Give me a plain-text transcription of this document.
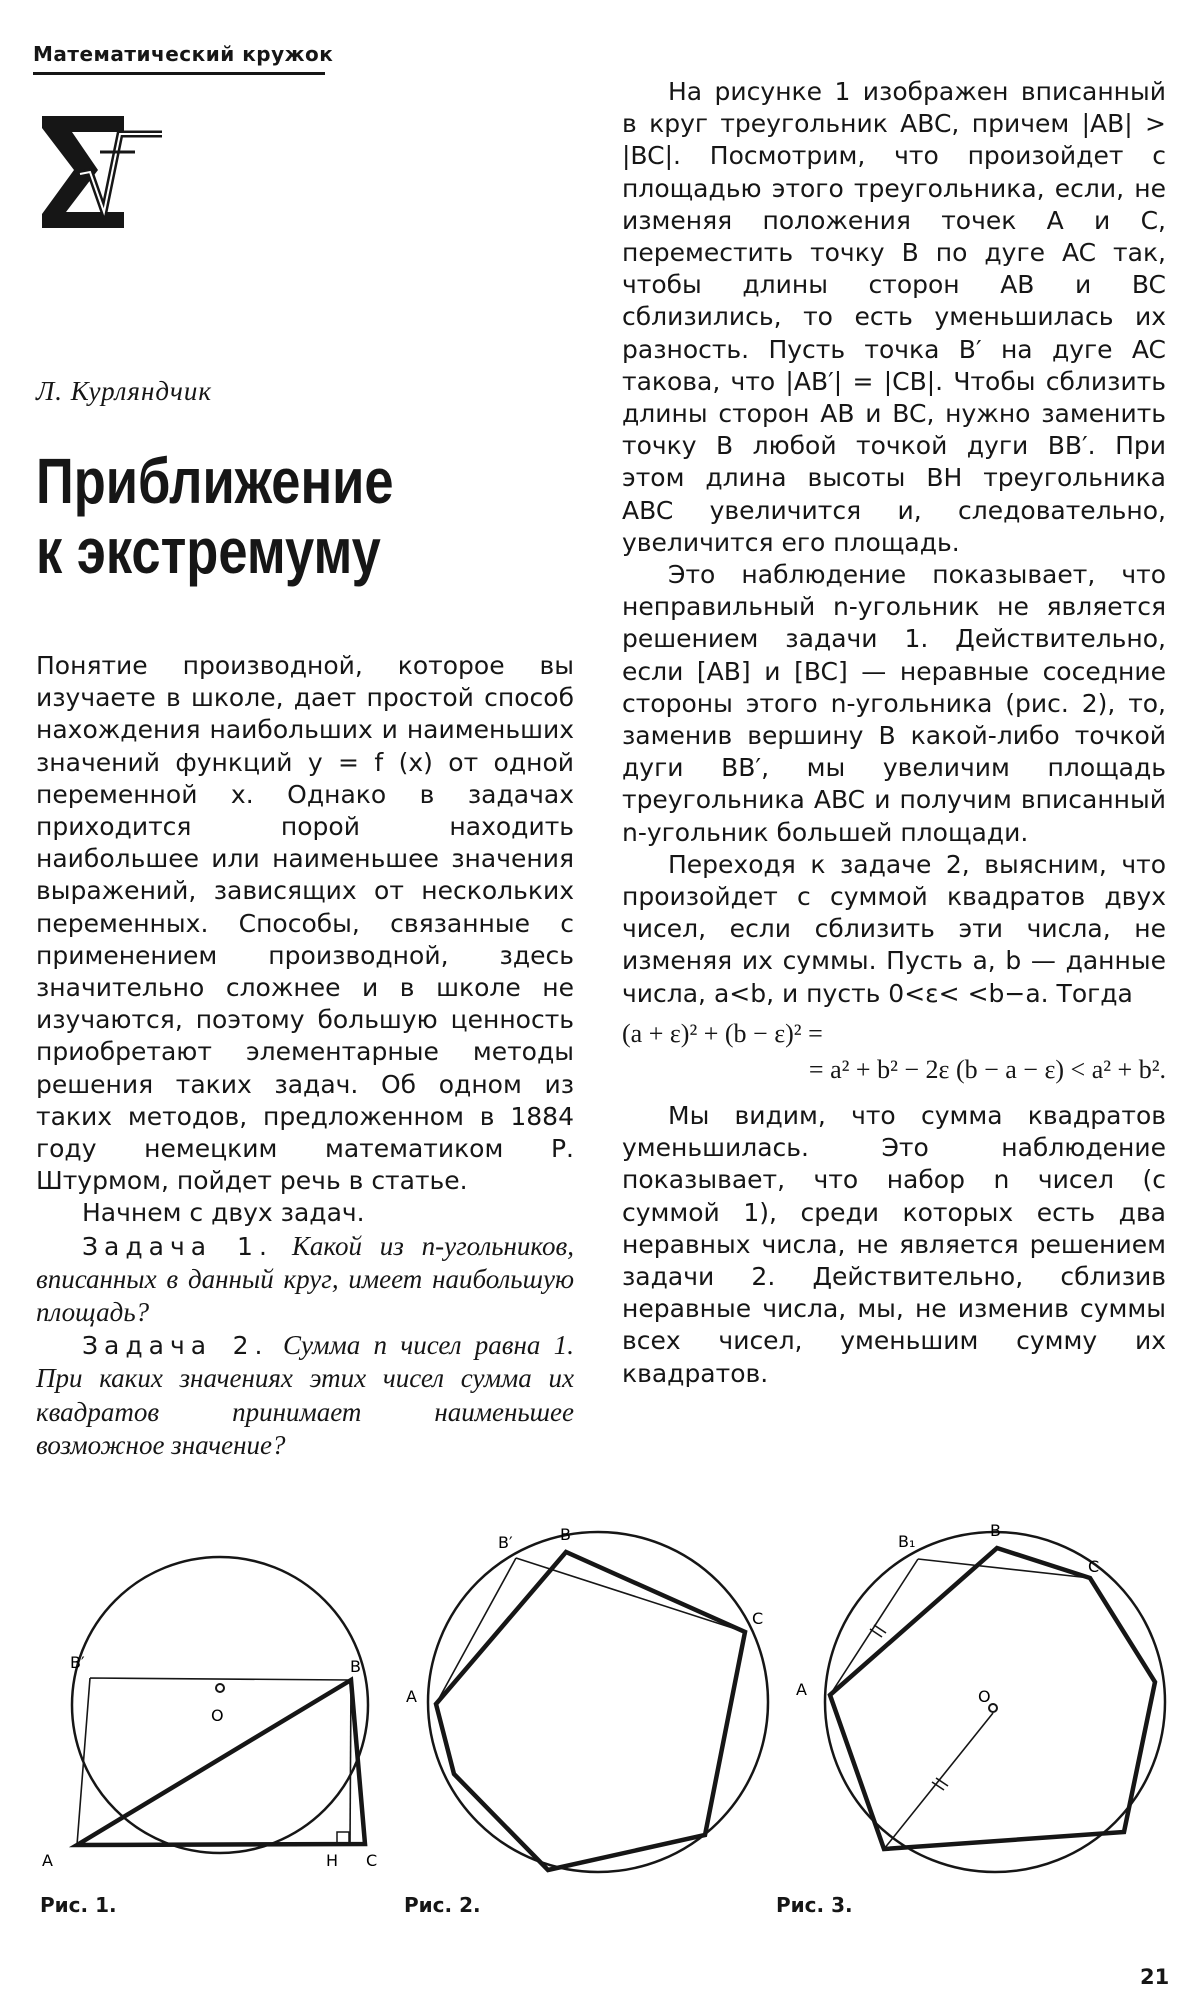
Математический кружок
Л. Курляндчик
Приближение
к экстремуму

Понятие производной, которое вы изучаете в школе, дает простой способ нахождения наибольших и наименьших значений функций y = f (x) от одной переменной x. Однако в задачах приходится порой находить наибольшее или наименьшее значения выражений, зависящих от нескольких переменных. Способы, связанные с применением производной, здесь значительно сложнее и в школе не изучаются, поэтому большую ценность приобретают элементарные методы решения таких задач. Об одном из таких методов, предложенном в 1884 году немецким математиком Р. Штурмом, пойдет речь в статье.

Начнем с двух задач.

Задача 1. Какой из n-угольников, вписанных в данный круг, имеет наибольшую площадь?

Задача 2. Сумма n чисел равна 1. При каких значениях этих чисел сумма их квадратов принимает наименьшее возможное значение?

На рисунке 1 изображен вписанный в круг треугольник ABC, причем |AB| > |BC|. Посмотрим, что произойдет с площадью этого треугольника, если, не изменяя положения точек A и C, переместить точку B по дуге AC так, чтобы длины сторон AB и BC сблизились, то есть уменьшилась их разность. Пусть точка B′ на дуге AC такова, что |AB′| = |CB|. Чтобы сблизить длины сторон AB и BC, нужно заменить точку B любой точкой дуги BB′. При этом длина высоты BH треугольника ABC увеличится и, следовательно, увеличится его площадь.

Это наблюдение показывает, что неправильный n-угольник не является решением задачи 1. Действительно, если [AB] и [BC] — неравные соседние стороны этого n-угольника (рис. 2), то, заменив вершину B какой-либо точкой дуги BB′, мы увеличим площадь треугольника ABC и получим вписанный n-угольник большей площади.

Переходя к задаче 2, выясним, что произойдет с суммой квадратов двух чисел, если сблизить эти числа, не изменяя их суммы. Пусть a, b — данные числа, a<b, и пусть 0<ε< <b−a. Тогда

(a + ε)² + (b − ε)² =
= a² + b² − 2ε (b − a − ε) < a² + b².

Мы видим, что сумма квадратов уменьшилась. Это наблюдение показывает, что набор n чисел (с суммой 1), среди которых есть два неравных числа, не является решением задачи 2. Действительно, сблизив неравные числа, мы, не изменив суммы всех чисел, уменьшим сумму их квадратов.

O
B′	B
A	H C
A
B′	B
C
A
B₁
B
C
O
Рис. 1.	Рис. 2.	Рис. 3.
21
